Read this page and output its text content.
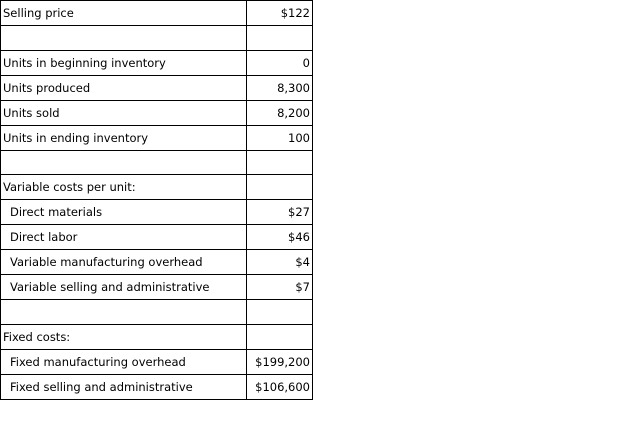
Selling price	$122

Units in beginning inventory	0
Units produced	8,300
Units sold	8,200
Units in ending inventory	100

Variable costs per unit:	
Direct materials	$27
Direct labor	$46
Variable manufacturing overhead	$4
Variable selling and administrative	$7

Fixed costs:	
Fixed manufacturing overhead	$199,200
Fixed selling and administrative	$106,600
